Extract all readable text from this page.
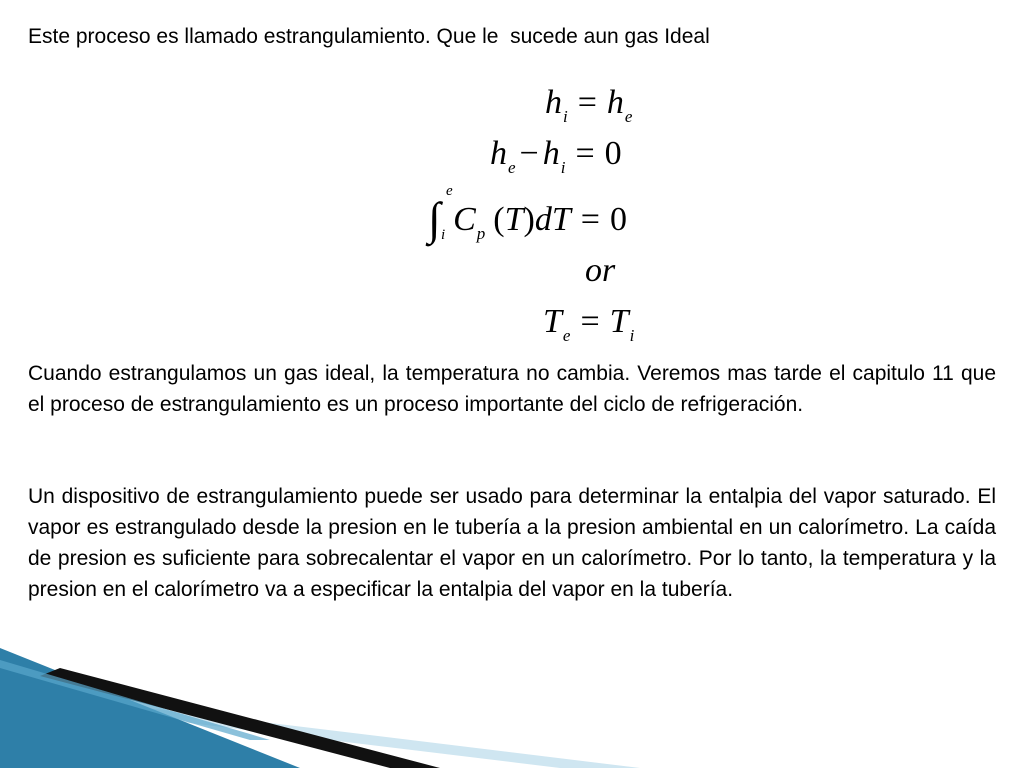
Este proceso es llamado estrangulamiento. Que le  sucede aun gas Ideal
$h_i = h_e$
$h_e - h_i = 0$
∫
e
i $C_p$ (T)dT = 0
or
$T_e = T_i$

Cuando estrangulamos un gas ideal, la temperatura no cambia. Veremos mas tarde el capitulo 11 que el proceso de estrangulamiento es un proceso importante del ciclo de refrigeración.

Un dispositivo de estrangulamiento puede ser usado para determinar la entalpia del vapor saturado. El vapor es estrangulado desde la presion en le tubería a la presion ambiental en un calorímetro. La caída de presion es suficiente para sobrecalentar el vapor en un calorímetro. Por lo tanto, la temperatura y la presion en el calorímetro va a especificar la entalpia del vapor en la tubería.
